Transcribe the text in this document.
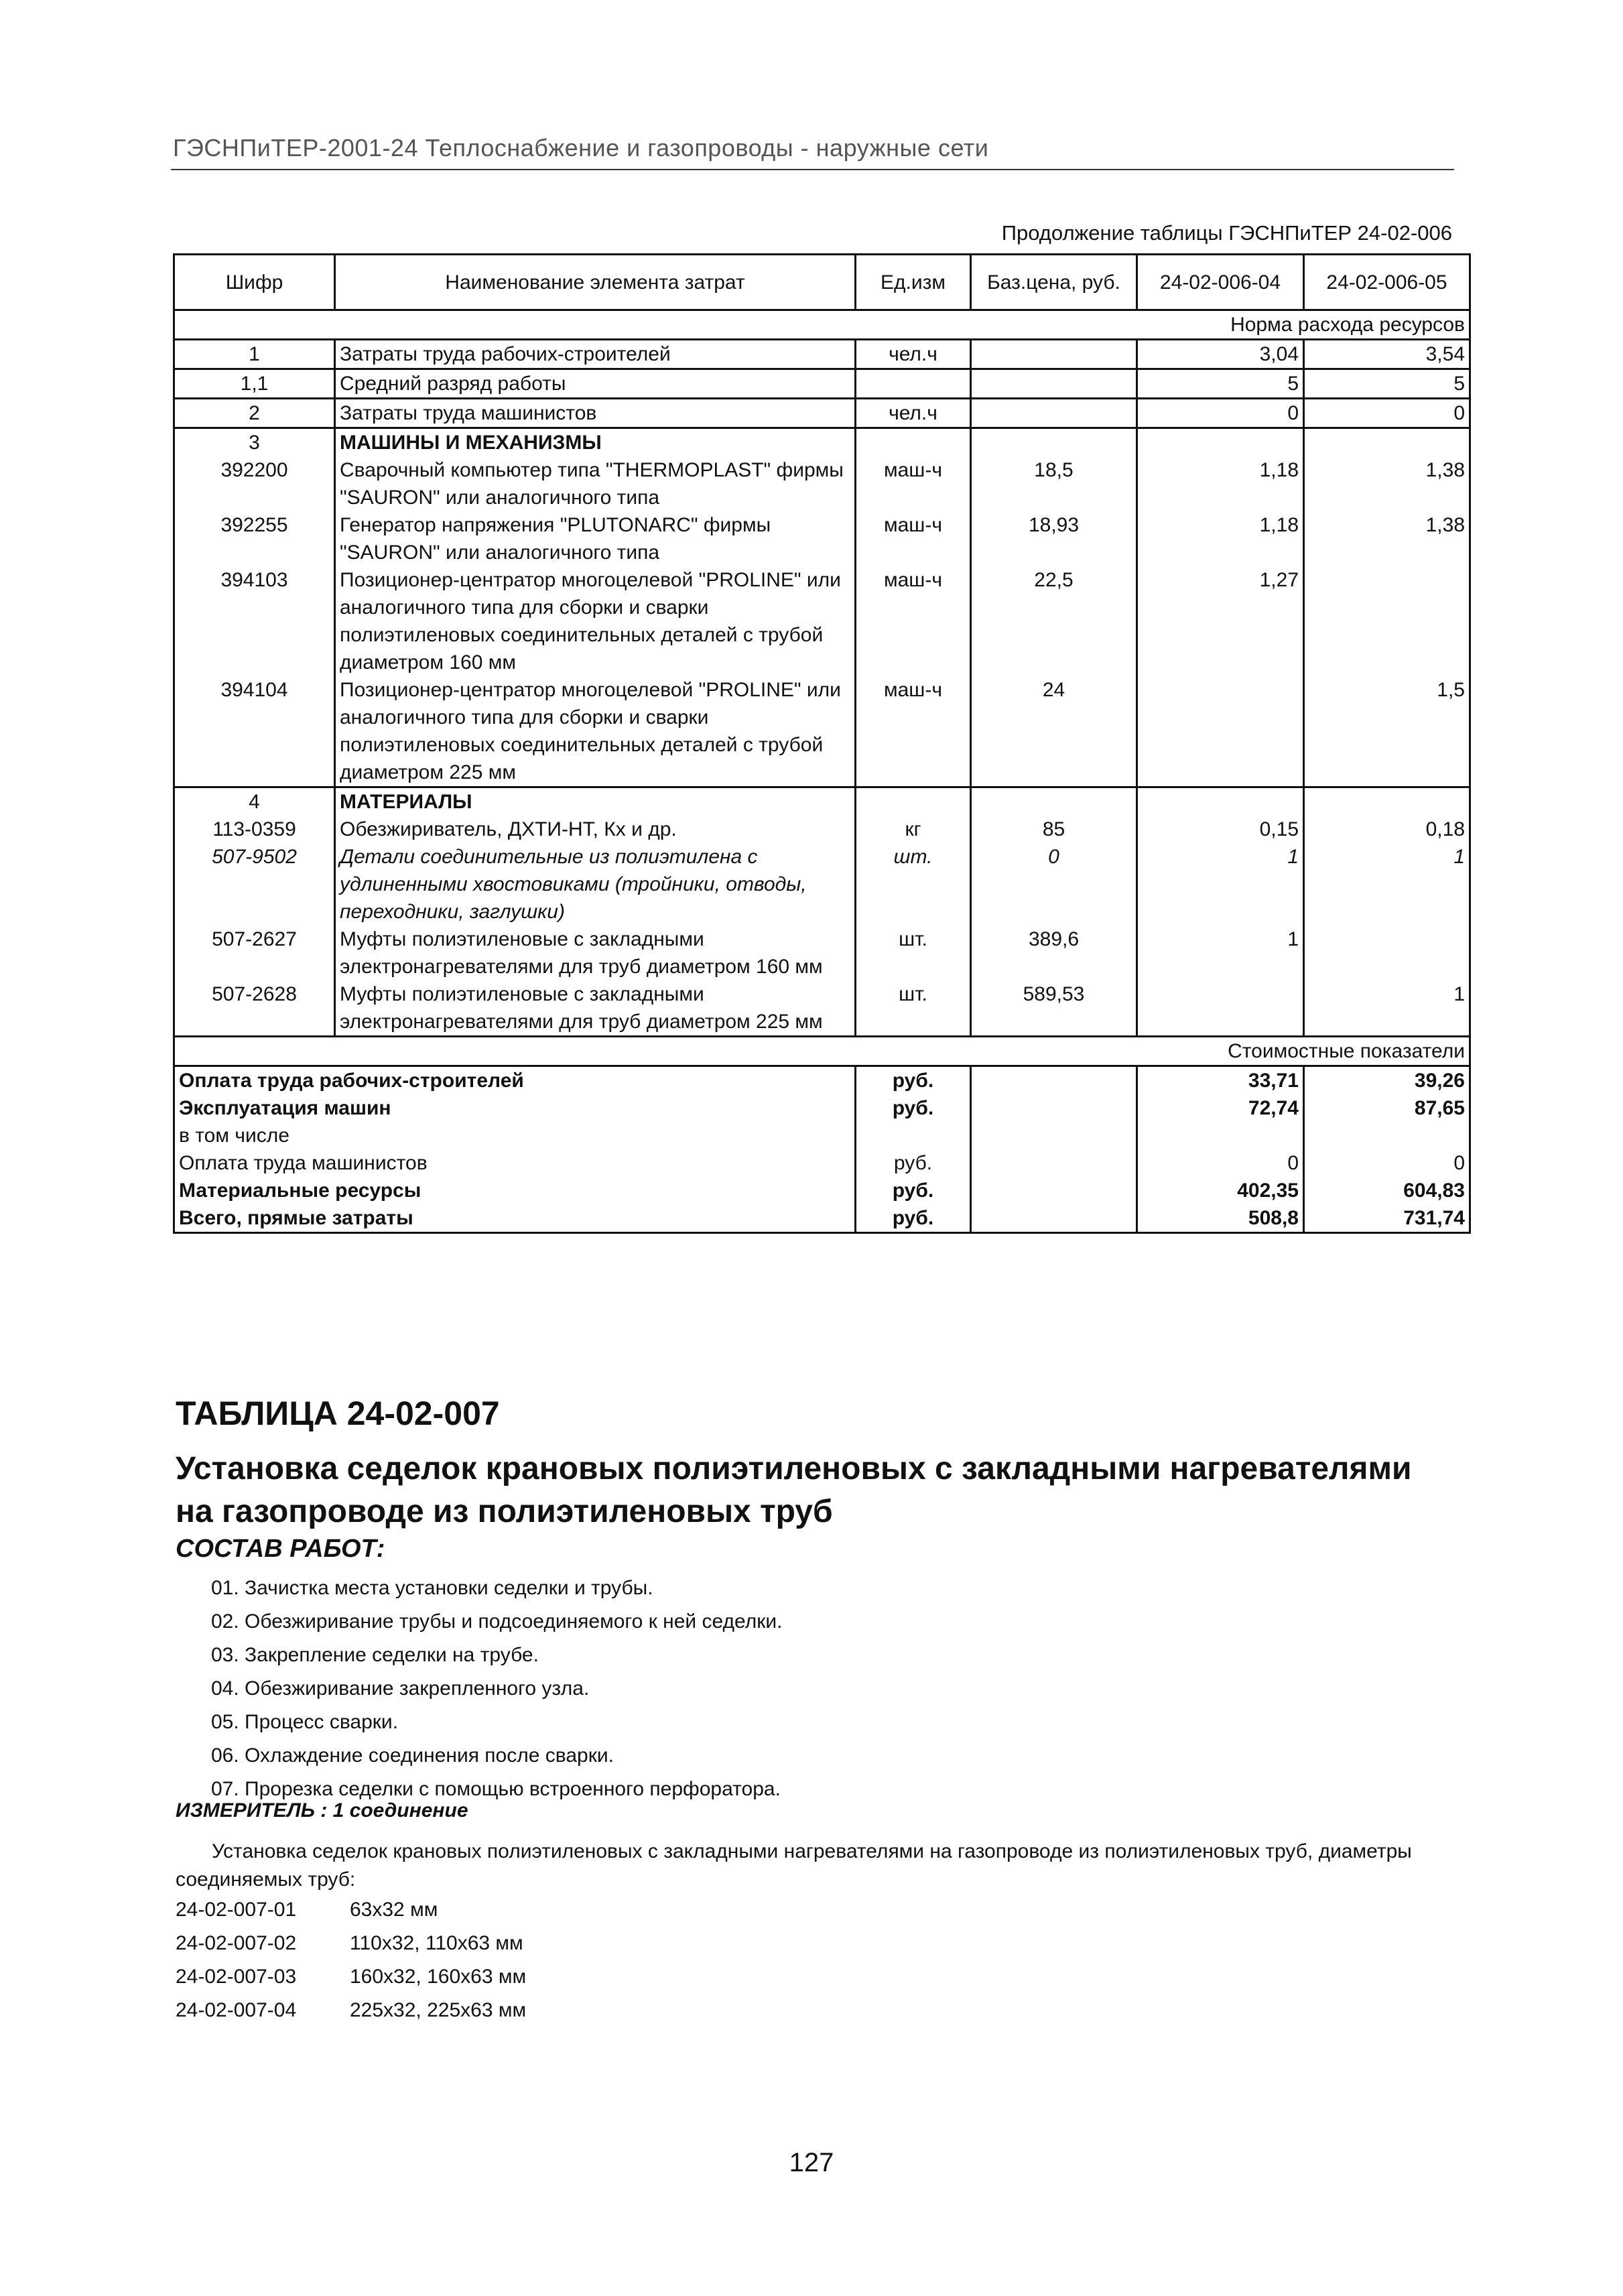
ГЭСНПиТЕР-2001-24 Теплоснабжение и газопроводы - наружные сети
Продолжение таблицы ГЭСНПиТЕР 24-02-006
Шифр	Наименование элемента затрат	Ед.изм	Баз.цена, руб.	24-02-006-04	24-02-006-05
Норма расхода ресурсов					
1	Затраты труда рабочих-строителей	чел.ч		3,04	3,54
1,1	Средний разряд работы			5	5
2	Затраты труда машинистов	чел.ч		0	0
3	МАШИНЫ И МЕХАНИЗМЫ				
392200	Сварочный компьютер типа "THERMOPLAST" фирмы "SAURON" или аналогичного типа	маш-ч	18,5	1,18	1,38
392255	Генератор напряжения "PLUTONARC" фирмы "SAURON" или аналогичного типа	маш-ч	18,93	1,18	1,38
394103	Позиционер-центратор многоцелевой "PROLINE" или аналогичного типа для сборки и сварки полиэтиленовых соединительных деталей с трубой диаметром 160 мм	маш-ч	22,5	1,27	
394104	Позиционер-центратор многоцелевой "PROLINE" или аналогичного типа для сборки и сварки полиэтиленовых соединительных деталей с трубой диаметром 225 мм	маш-ч	24		1,5
4	МАТЕРИАЛЫ				
113-0359	Обезжириватель, ДХТИ-НТ, Кх и др.	кг	85	0,15	0,18
507-9502	Детали соединительные из полиэтилена с удлиненными хвостовиками (тройники, отводы, переходники, заглушки)	шт.	0	1	1
507-2627	Муфты полиэтиленовые с закладными электронагревателями для труб диаметром 160 мм	шт.	389,6	1	
507-2628	Муфты полиэтиленовые с закладными электронагревателями для труб диаметром 225 мм	шт.	589,53		1
Стоимостные показатели					
Оплата труда рабочих-строителей		руб.		33,71	39,26
Эксплуатация машин		руб.		72,74	87,65
в том числе					
Оплата труда машинистов		руб.		0	0
Материальные ресурсы		руб.		402,35	604,83
Всего, прямые затраты		руб.		508,8	731,74
ТАБЛИЦА 24-02-007
Установка седелок крановых полиэтиленовых с закладными нагревателями на газопроводе из полиэтиленовых труб
СОСТАВ РАБОТ:
01. Зачистка места установки седелки и трубы.
02. Обезжиривание трубы и подсоединяемого к ней седелки.
03. Закрепление седелки на трубе.
04. Обезжиривание закрепленного узла.
05. Процесс сварки.
06. Охлаждение соединения после сварки.
07. Прорезка седелки с помощью встроенного перфоратора.
ИЗМЕРИТЕЛЬ : 1 соединение
Установка седелок крановых полиэтиленовых с закладными нагревателями на газопроводе из полиэтиленовых труб, диаметры соединяемых труб:
24-02-007-01	63х32 мм
24-02-007-02	110х32, 110х63 мм
24-02-007-03	160х32, 160х63 мм
24-02-007-04	225х32, 225х63 мм
127
